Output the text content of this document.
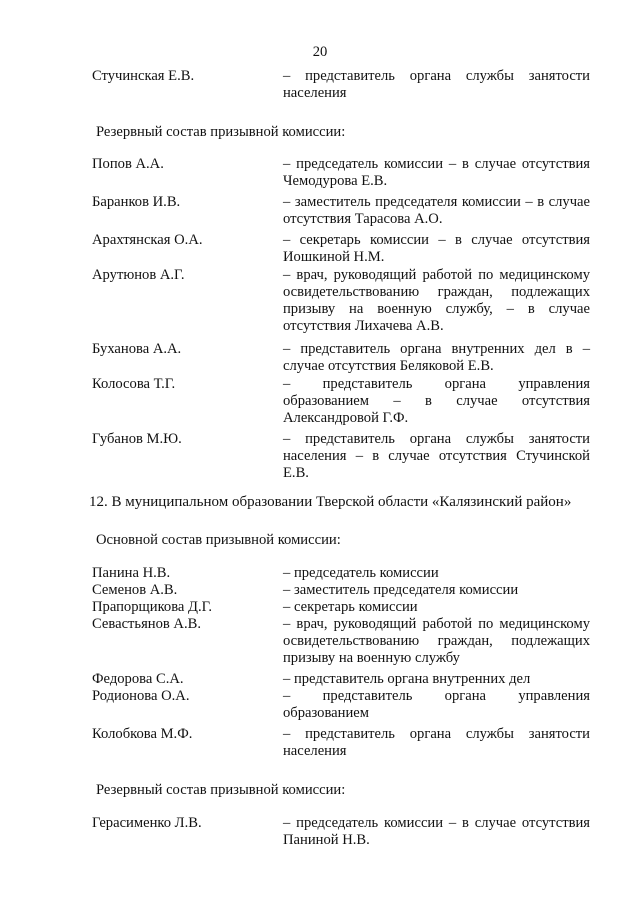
20
Стучинская Е.В.	– представитель органа службы занятости населения
Резервный состав призывной комиссии:
Попов А.А.	– председатель комиссии – в случае отсутствия Чемодурова Е.В.
Баранков И.В.	– заместитель председателя комиссии – в случае отсутствия Тарасова А.О.
Арахтянская О.А.	– секретарь комиссии – в случае отсутствия Иошкиной Н.М.
Арутюнов А.Г.	– врач, руководящий работой по медицинскому освидетельствованию граждан, подлежащих призыву на военную службу, – в случае отсутствия Лихачева А.В.
Буханова А.А.	– представитель органа внутренних дел в – случае отсутствия Беляковой Е.В.
Колосова Т.Г.	– представитель органа управления образованием – в случае отсутствия Александровой Г.Ф.
Губанов М.Ю.	– представитель органа службы занятости населения – в случае отсутствия Стучинской Е.В.
12. В муниципальном образовании Тверской области «Калязинский район»
Основной состав призывной комиссии:
Панина Н.В.	– председатель комиссии
Семенов А.В.	– заместитель председателя комиссии
Прапорщикова Д.Г.	– секретарь комиссии
Севастьянов А.В.	– врач, руководящий работой по медицинскому освидетельствованию граждан, подлежащих призыву на военную службу
Федорова С.А.	– представитель органа внутренних дел
Родионова О.А.	– представитель органа управления образованием
Колобкова М.Ф.	– представитель органа службы занятости населения
Резервный состав призывной комиссии:
Герасименко Л.В.	– председатель комиссии – в случае отсутствия Паниной Н.В.
